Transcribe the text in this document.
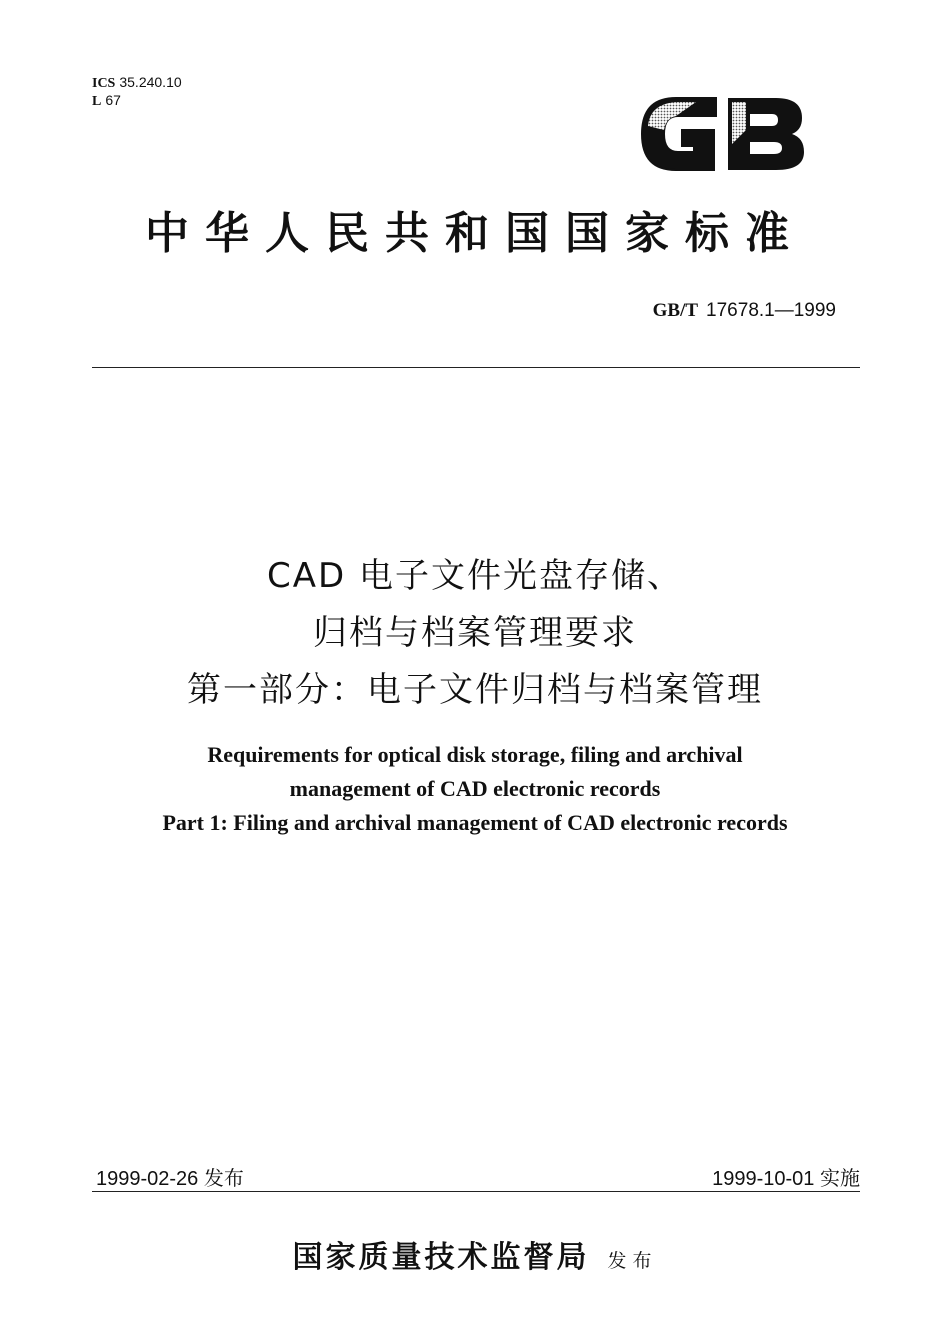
ICS 35.240.10
L 67
中华人民共和国国家标准
GB/T 17678.1—1999
CAD 电子文件光盘存储、
归档与档案管理要求
第一部分：电子文件归档与档案管理
Requirements for optical disk storage, filing and archival
management of CAD electronic records
Part 1: Filing and archival management of CAD electronic records
1999-02-26 发布	1999-10-01 实施
国家质量技术监督局 发布
